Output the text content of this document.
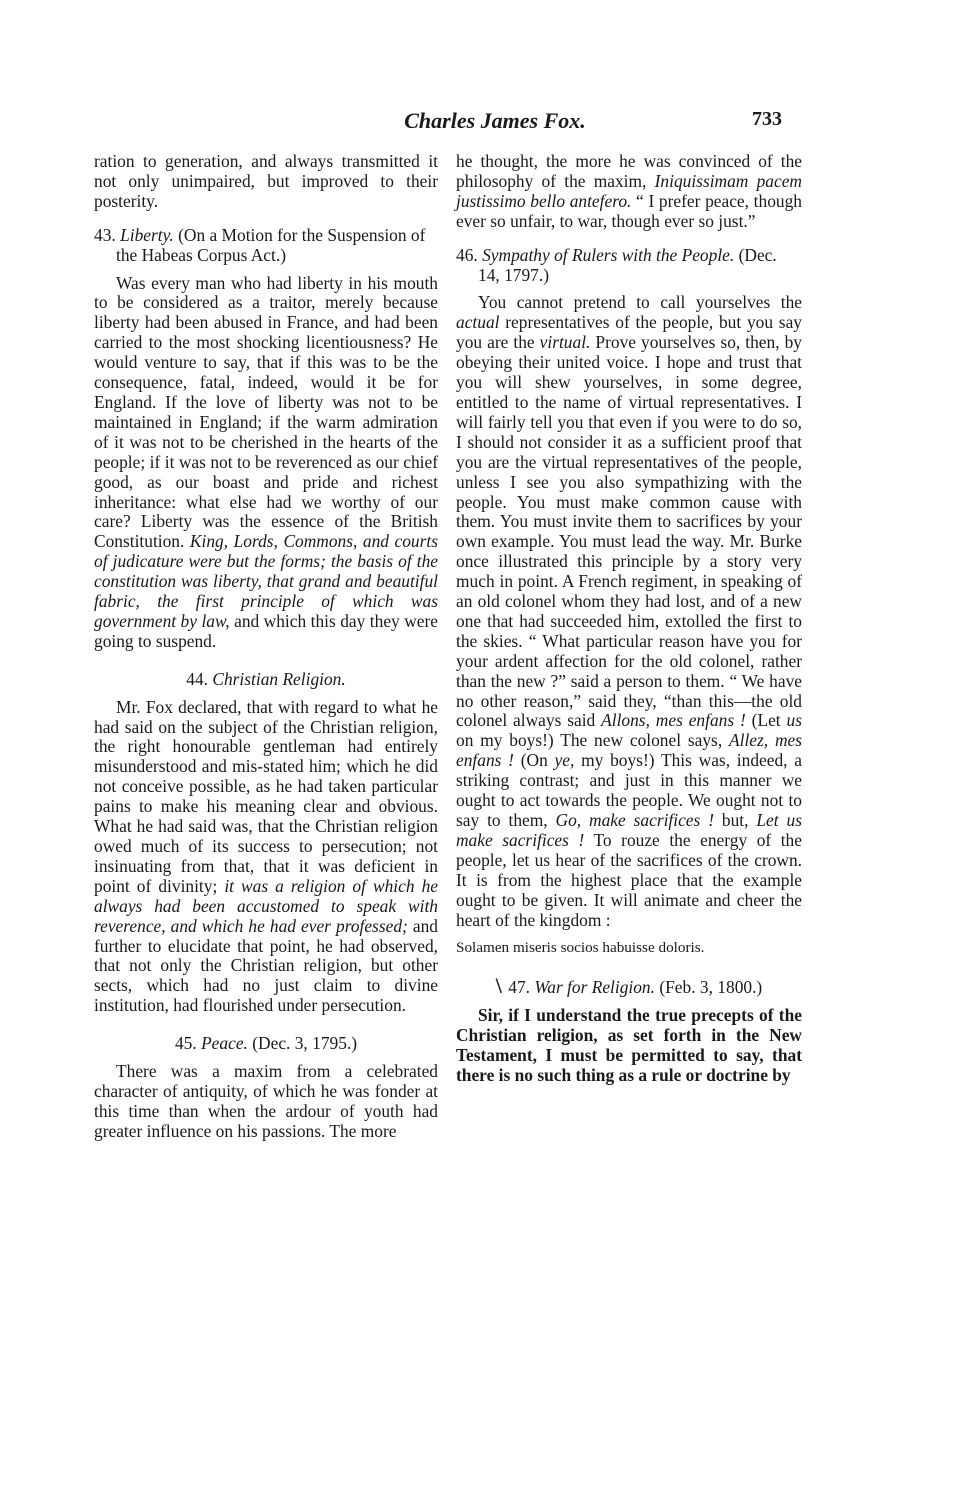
Charles James Fox.	733

ration to generation, and always transmitted it not only unimpaired, but improved to their posterity.

43. Liberty. (On a Motion for the Suspension of the Habeas Corpus Act.)

Was every man who had liberty in his mouth to be considered as a traitor, merely because liberty had been abused in France, and had been carried to the most shocking licentiousness? He would venture to say, that if this was to be the consequence, fatal, indeed, would it be for England. If the love of liberty was not to be maintained in England; if the warm admiration of it was not to be cherished in the hearts of the people; if it was not to be reverenced as our chief good, as our boast and pride and richest inheritance: what else had we worthy of our care? Liberty was the essence of the British Constitution. King, Lords, Commons, and courts of judicature were but the forms; the basis of the constitution was liberty, that grand and beautiful fabric, the first principle of which was government by law, and which this day they were going to suspend.

44. Christian Religion.

Mr. Fox declared, that with regard to what he had said on the subject of the Christian religion, the right honourable gentleman had entirely misunderstood and mis-stated him; which he did not conceive possible, as he had taken particular pains to make his meaning clear and obvious. What he had said was, that the Christian religion owed much of its success to persecution; not insinuating from that, that it was deficient in point of divinity; it was a religion of which he always had been accustomed to speak with reverence, and which he had ever professed; and further to elucidate that point, he had observed, that not only the Christian religion, but other sects, which had no just claim to divine institution, had flourished under persecution.

45. Peace. (Dec. 3, 1795.)

There was a maxim from a celebrated character of antiquity, of which he was fonder at this time than when the ardour of youth had greater influence on his passions. The more

he thought, the more he was convinced of the philosophy of the maxim, Iniquissimam pacem justissimo bello antefero. “ I prefer peace, though ever so unfair, to war, though ever so just.”

46. Sympathy of Rulers with the People. (Dec. 14, 1797.)

You cannot pretend to call yourselves the actual representatives of the people, but you say you are the virtual. Prove yourselves so, then, by obeying their united voice. I hope and trust that you will shew yourselves, in some degree, entitled to the name of virtual representatives. I will fairly tell you that even if you were to do so, I should not consider it as a sufficient proof that you are the virtual representatives of the people, unless I see you also sympathizing with the people. You must make common cause with them. You must invite them to sacrifices by your own example. You must lead the way. Mr. Burke once illustrated this principle by a story very much in point. A French regiment, in speaking of an old colonel whom they had lost, and of a new one that had succeeded him, extolled the first to the skies. “ What particular reason have you for your ardent affection for the old colonel, rather than the new ?” said a person to them. “ We have no other reason,” said they, “than this—the old colonel always said Allons, mes enfans ! (Let us on my boys!) The new colonel says, Allez, mes enfans ! (On ye, my boys!) This was, indeed, a striking contrast; and just in this manner we ought to act towards the people. We ought not to say to them, Go, make sacrifices ! but, Let us make sacrifices ! To rouze the energy of the people, let us hear of the sacrifices of the crown. It is from the highest place that the example ought to be given. It will animate and cheer the heart of the kingdom :

Solamen miseris socios habuisse doloris.

\ 47. War for Religion. (Feb. 3, 1800.)

Sir, if I understand the true precepts of the Christian religion, as set forth in the New Testament, I must be permitted to say, that there is no such thing as a rule or doctrine by
